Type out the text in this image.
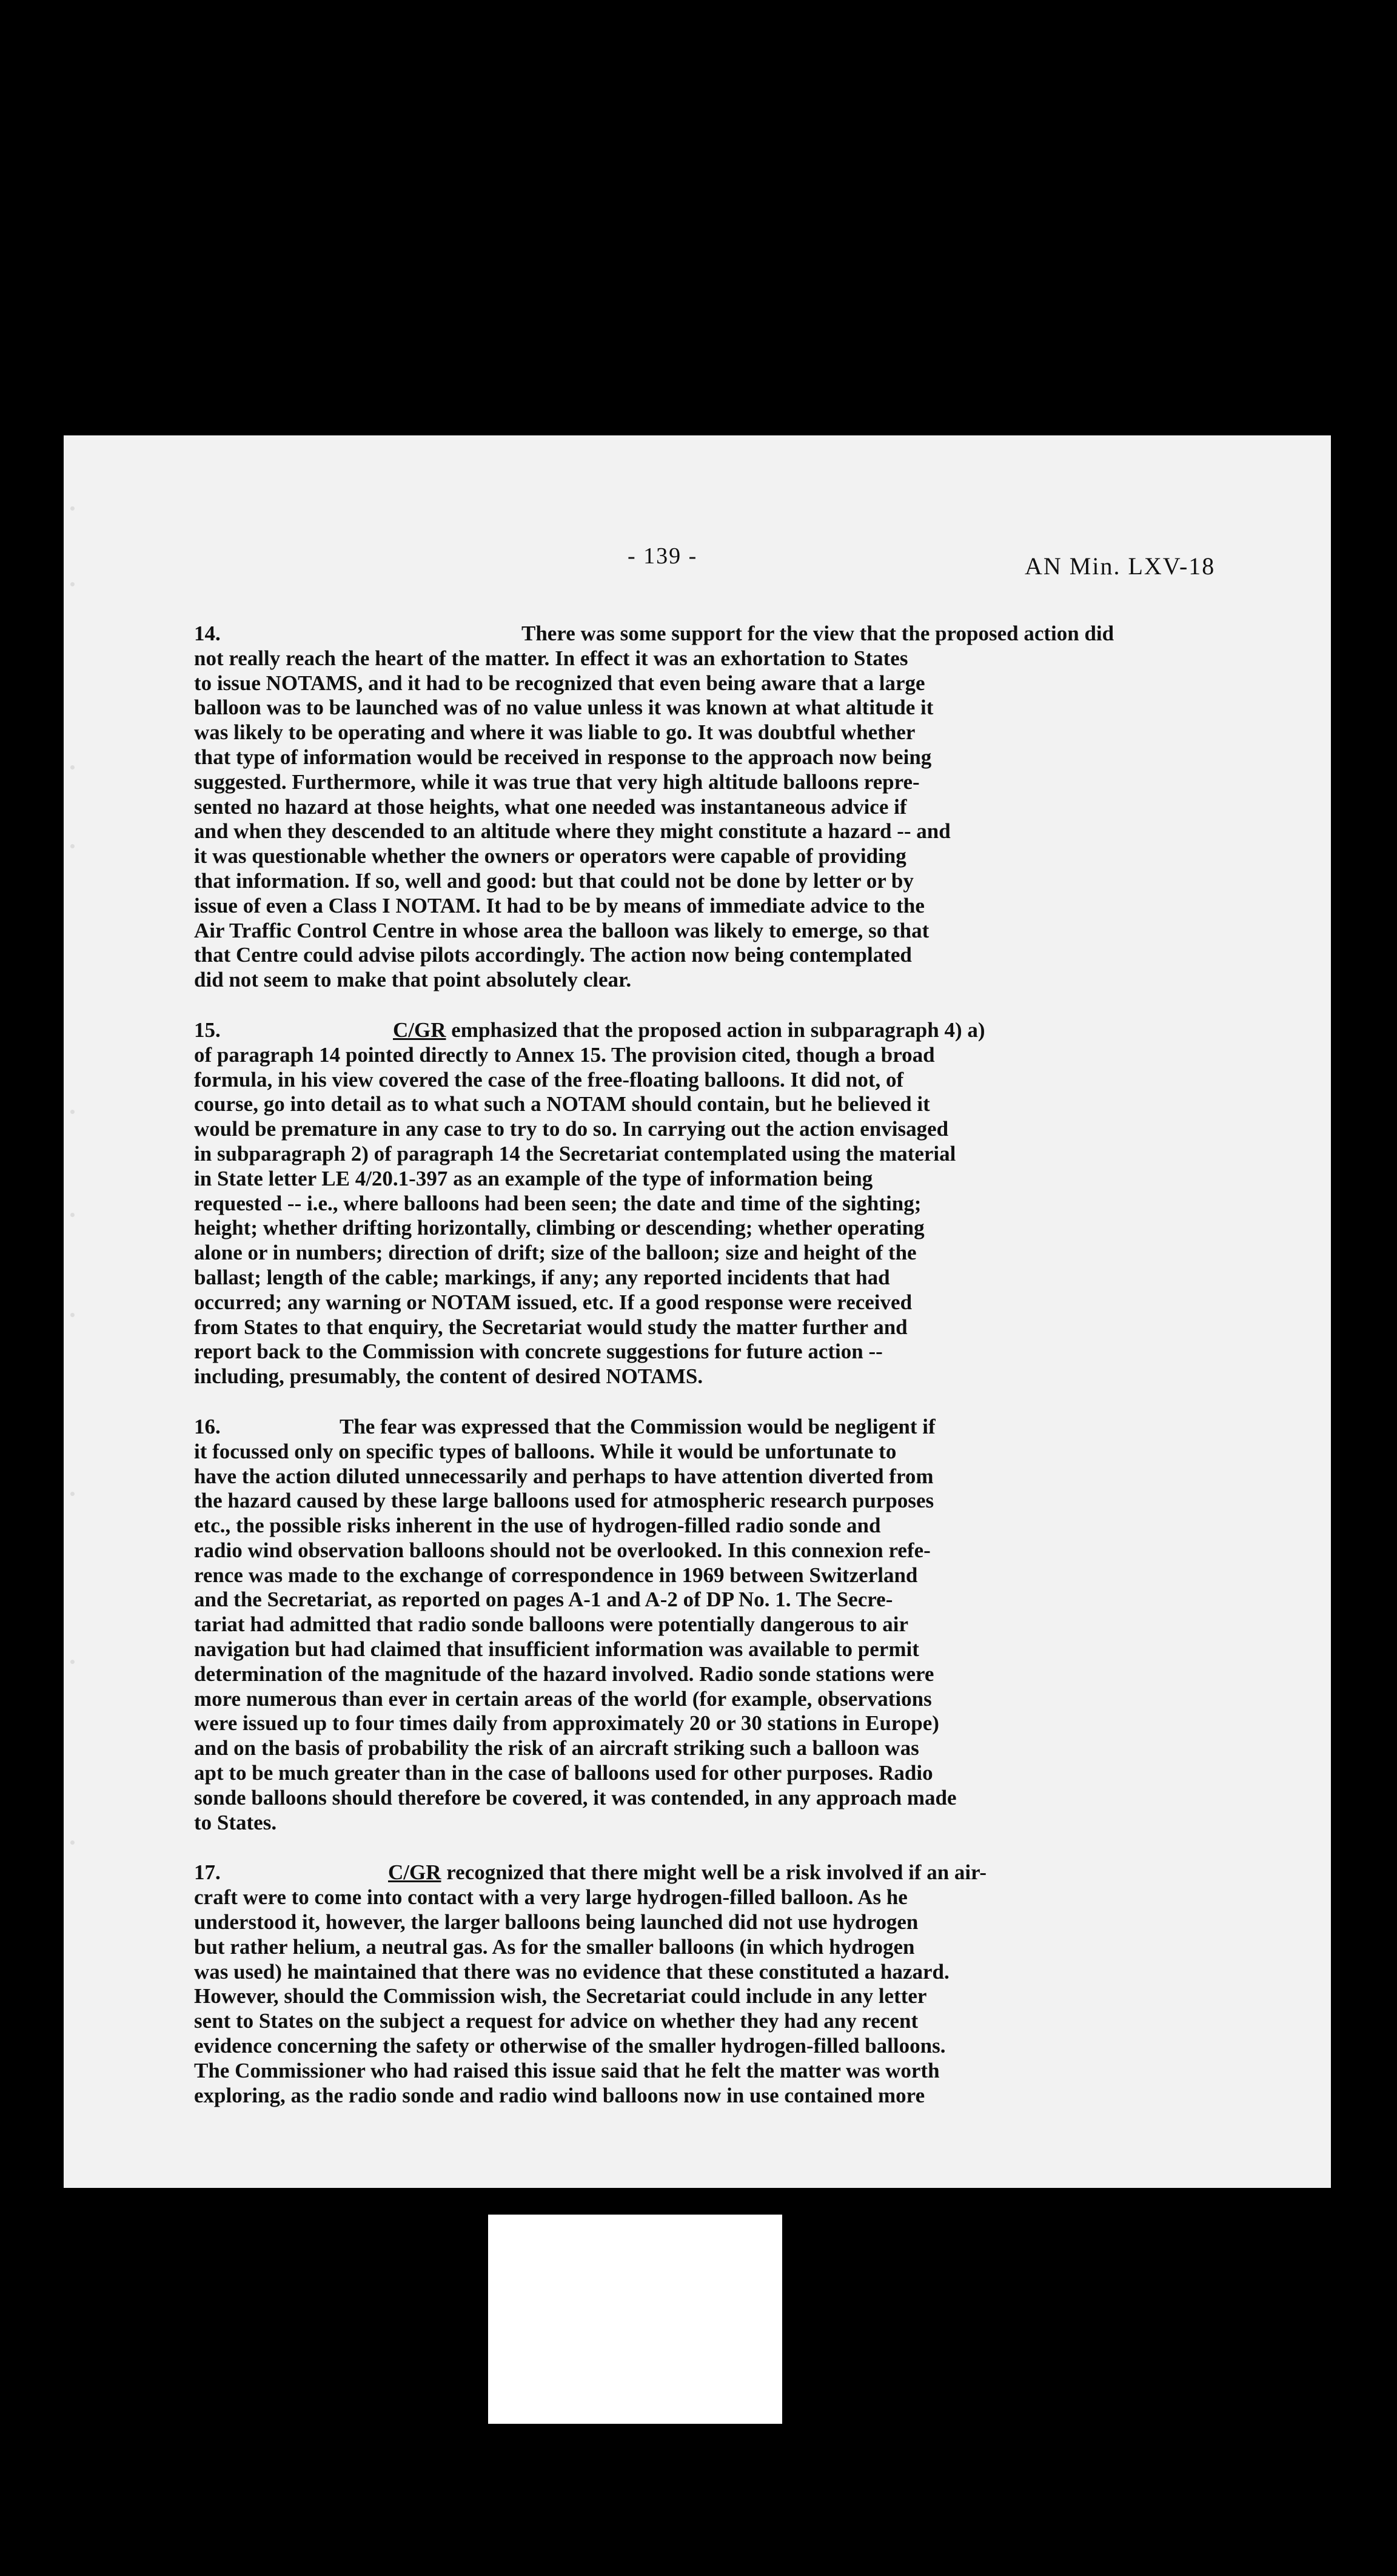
- 139 -	AN Min. LXV-18
14.	There was some support for the view that the proposed action did
not really reach the heart of the matter. In effect it was an exhortation to States
to issue NOTAMS, and it had to be recognized that even being aware that a large
balloon was to be launched was of no value unless it was known at what altitude it
was likely to be operating and where it was liable to go. It was doubtful whether
that type of information would be received in response to the approach now being
suggested. Furthermore, while it was true that very high altitude balloons repre-
sented no hazard at those heights, what one needed was instantaneous advice if
and when they descended to an altitude where they might constitute a hazard -- and
it was questionable whether the owners or operators were capable of providing
that information. If so, well and good: but that could not be done by letter or by
issue of even a Class I NOTAM. It had to be by means of immediate advice to the
Air Traffic Control Centre in whose area the balloon was likely to emerge, so that
that Centre could advise pilots accordingly. The action now being contemplated
did not seem to make that point absolutely clear.
15.	C/GR emphasized that the proposed action in subparagraph 4) a)
of paragraph 14 pointed directly to Annex 15. The provision cited, though a broad
formula, in his view covered the case of the free-floating balloons. It did not, of
course, go into detail as to what such a NOTAM should contain, but he believed it
would be premature in any case to try to do so. In carrying out the action envisaged
in subparagraph 2) of paragraph 14 the Secretariat contemplated using the material
in State letter LE 4/20.1-397 as an example of the type of information being
requested -- i.e., where balloons had been seen; the date and time of the sighting;
height; whether drifting horizontally, climbing or descending; whether operating
alone or in numbers; direction of drift; size of the balloon; size and height of the
ballast; length of the cable; markings, if any; any reported incidents that had
occurred; any warning or NOTAM issued, etc. If a good response were received
from States to that enquiry, the Secretariat would study the matter further and
report back to the Commission with concrete suggestions for future action --
including, presumably, the content of desired NOTAMS.
16.	The fear was expressed that the Commission would be negligent if
it focussed only on specific types of balloons. While it would be unfortunate to
have the action diluted unnecessarily and perhaps to have attention diverted from
the hazard caused by these large balloons used for atmospheric research purposes
etc., the possible risks inherent in the use of hydrogen-filled radio sonde and
radio wind observation balloons should not be overlooked. In this connexion refe-
rence was made to the exchange of correspondence in 1969 between Switzerland
and the Secretariat, as reported on pages A-1 and A-2 of DP No. 1. The Secre-
tariat had admitted that radio sonde balloons were potentially dangerous to air
navigation but had claimed that insufficient information was available to permit
determination of the magnitude of the hazard involved. Radio sonde stations were
more numerous than ever in certain areas of the world (for example, observations
were issued up to four times daily from approximately 20 or 30 stations in Europe)
and on the basis of probability the risk of an aircraft striking such a balloon was
apt to be much greater than in the case of balloons used for other purposes. Radio
sonde balloons should therefore be covered, it was contended, in any approach made
to States.
17.	C/GR recognized that there might well be a risk involved if an air-
craft were to come into contact with a very large hydrogen-filled balloon. As he
understood it, however, the larger balloons being launched did not use hydrogen
but rather helium, a neutral gas. As for the smaller balloons (in which hydrogen
was used) he maintained that there was no evidence that these constituted a hazard.
However, should the Commission wish, the Secretariat could include in any letter
sent to States on the subject a request for advice on whether they had any recent
evidence concerning the safety or otherwise of the smaller hydrogen-filled balloons.
The Commissioner who had raised this issue said that he felt the matter was worth
exploring, as the radio sonde and radio wind balloons now in use contained more
